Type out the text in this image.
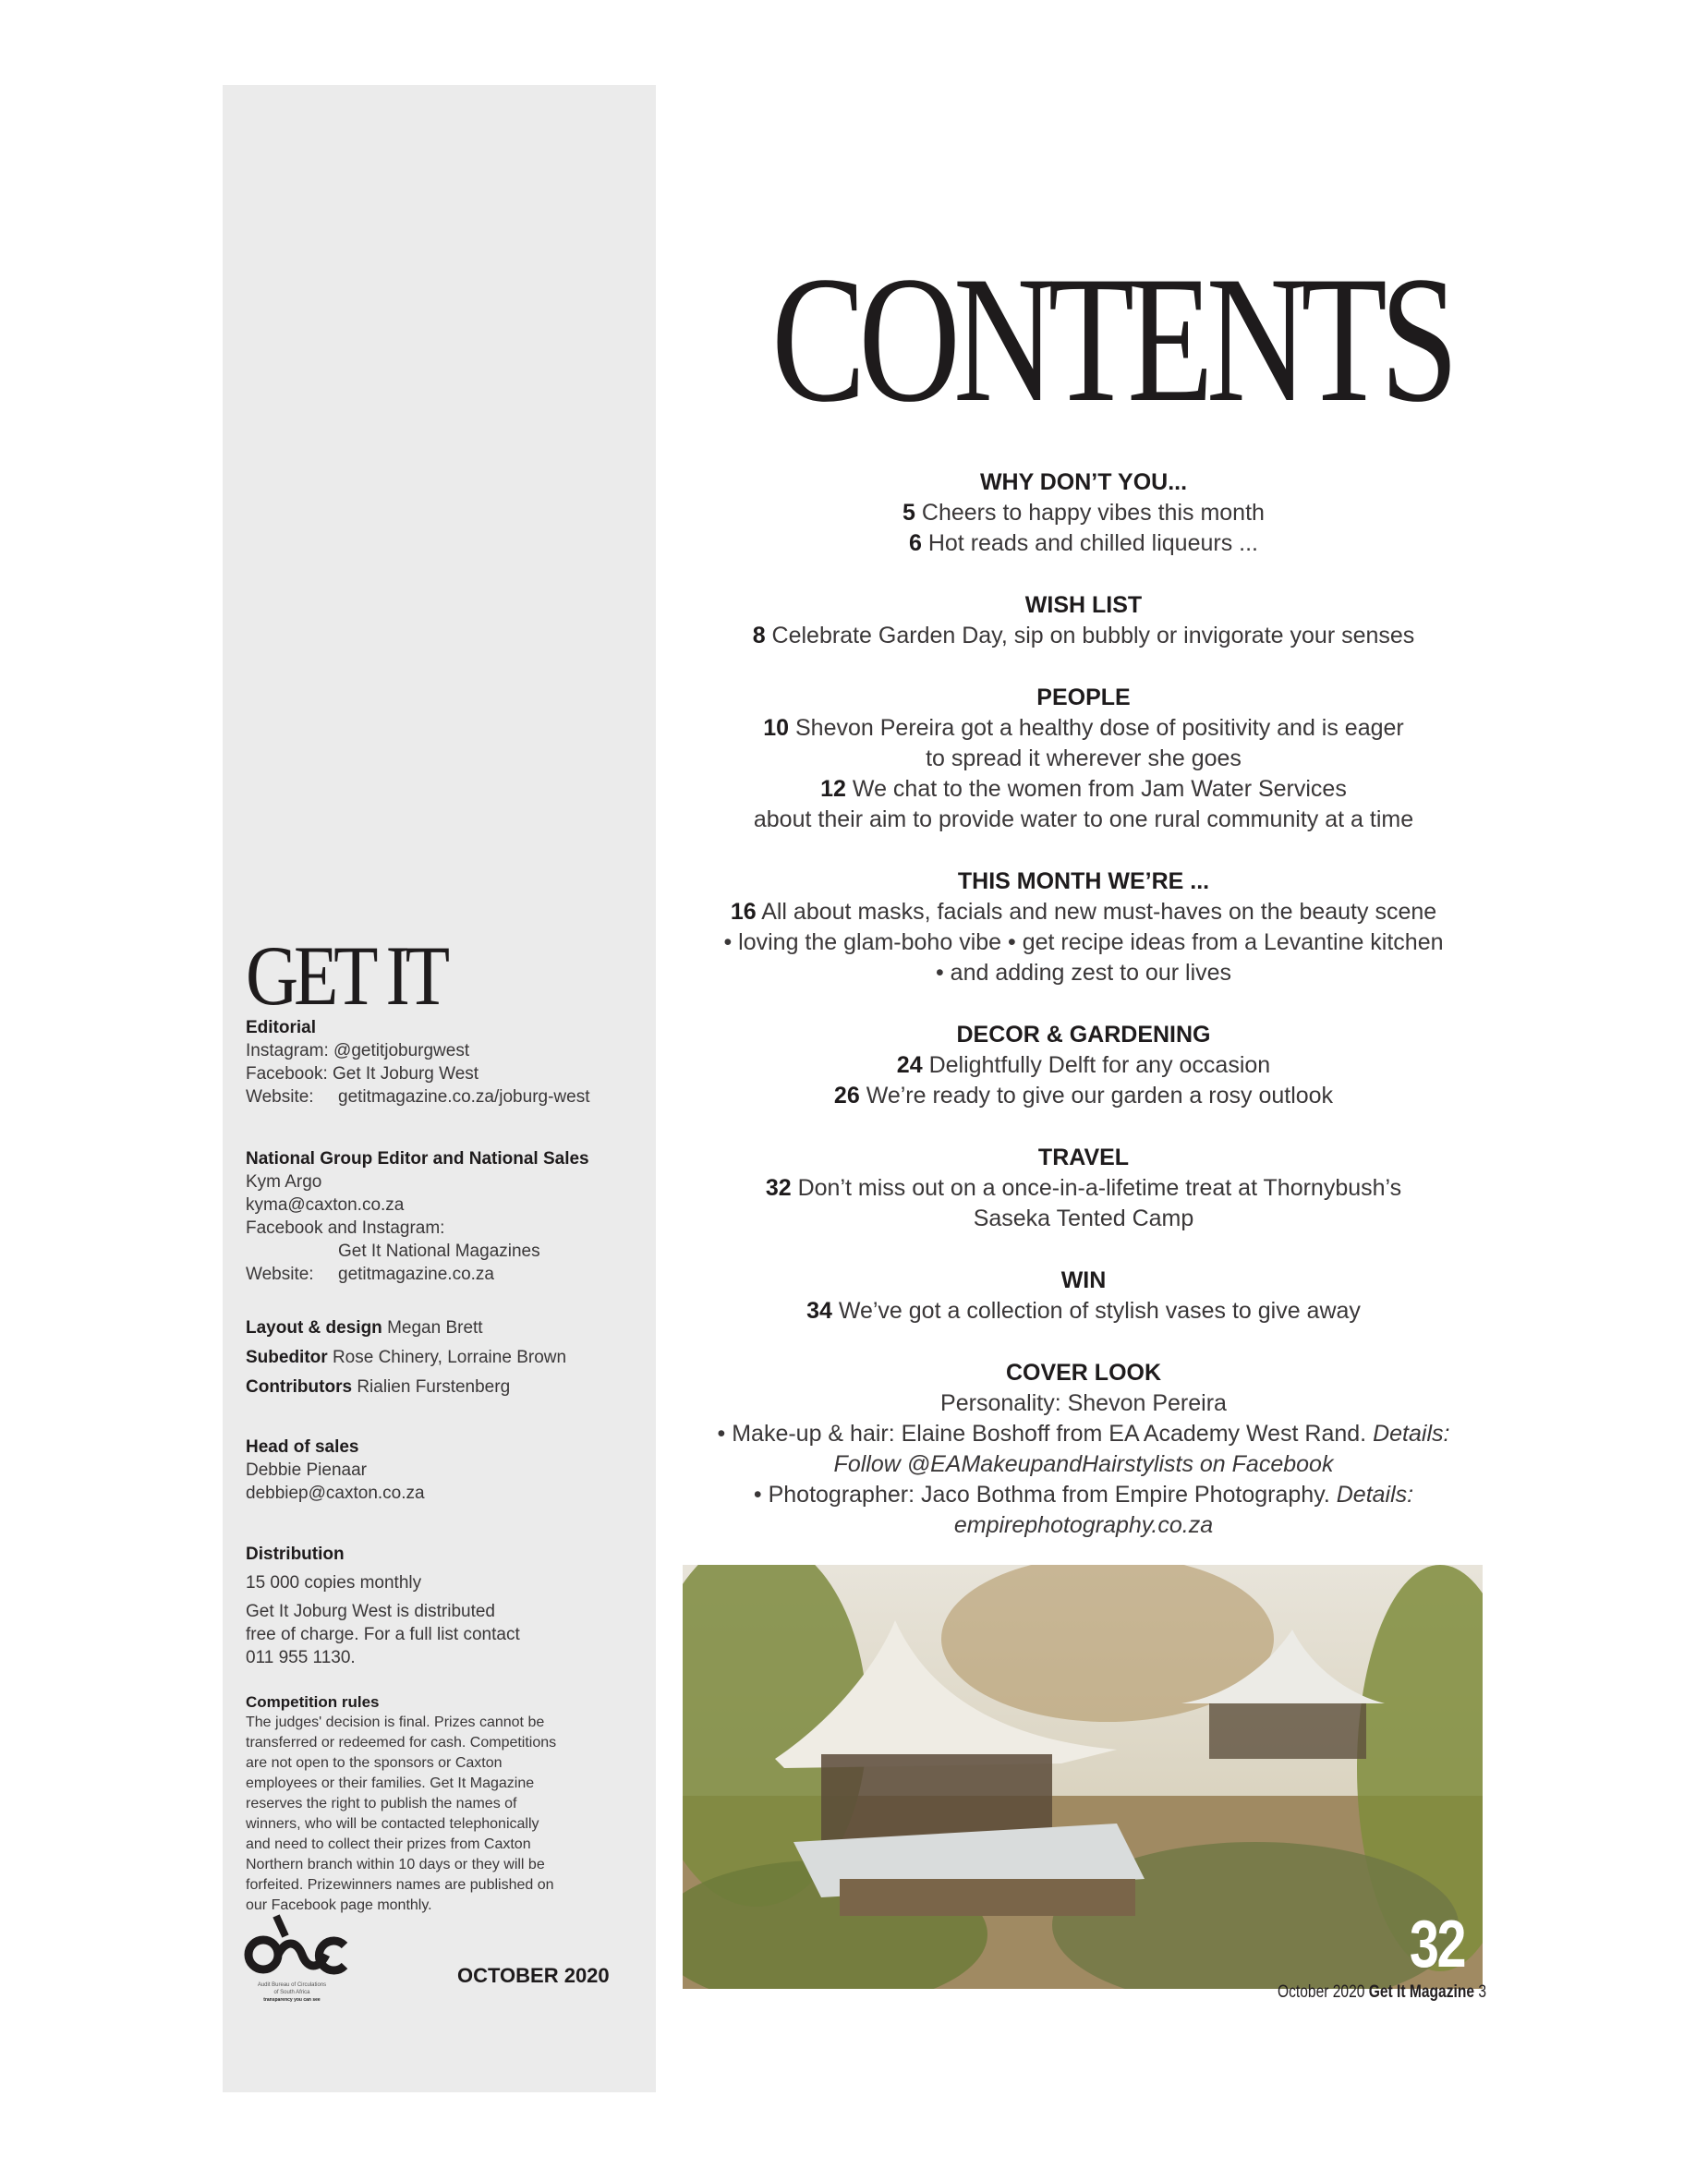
GET IT
Editorial
Instagram: @getitjoburgwest
Facebook: Get It Joburg West
Website:	getitmagazine.co.za/joburg-west
National Group Editor and National Sales
Kym Argo
kyma@caxton.co.za
Facebook and Instagram:
Get It National Magazines
Website:	getitmagazine.co.za
Layout & design Megan Brett
Subeditor Rose Chinery, Lorraine Brown
Contributors Rialien Furstenberg
Head of sales
Debbie Pienaar
debbiep@caxton.co.za
Distribution
15 000 copies monthly
Get It Joburg West is distributed
free of charge. For a full list contact
011 955 1130.
Competition rules
The judges' decision is final. Prizes cannot be
transferred or redeemed for cash. Competitions
are not open to the sponsors or Caxton
employees or their families. Get It Magazine
reserves the right to publish the names of
winners, who will be contacted telephonically
and need to collect their prizes from Caxton
Northern branch within 10 days or they will be
forfeited. Prizewinners names are published on
our Facebook page monthly.
Audit Bureau of Circulations
of South Africa
transparency you can see
OCTOBER 2020
CONTENTS
WHY DON’T YOU...
5 Cheers to happy vibes this month
6 Hot reads and chilled liqueurs ...
WISH LIST
8 Celebrate Garden Day, sip on bubbly or invigorate your senses
PEOPLE
10 Shevon Pereira got a healthy dose of positivity and is eager
to spread it wherever she goes
12 We chat to the women from Jam Water Services
about their aim to provide water to one rural community at a time
THIS MONTH WE’RE ...
16 All about masks, facials and new must-haves on the beauty scene
• loving the glam-boho vibe • get recipe ideas from a Levantine kitchen
• and adding zest to our lives
DECOR & GARDENING
24 Delightfully Delft for any occasion
26 We’re ready to give our garden a rosy outlook
TRAVEL
32 Don’t miss out on a once-in-a-lifetime treat at Thornybush’s
Saseka Tented Camp
WIN
34 We’ve got a collection of stylish vases to give away
COVER LOOK
Personality: Shevon Pereira
• Make-up & hair: Elaine Boshoff from EA Academy West Rand. Details:
Follow @EAMakeupandHairstylists on Facebook
• Photographer: Jaco Bothma from Empire Photography. Details:
empirephotography.co.za
32
October 2020 Get It Magazine 3
